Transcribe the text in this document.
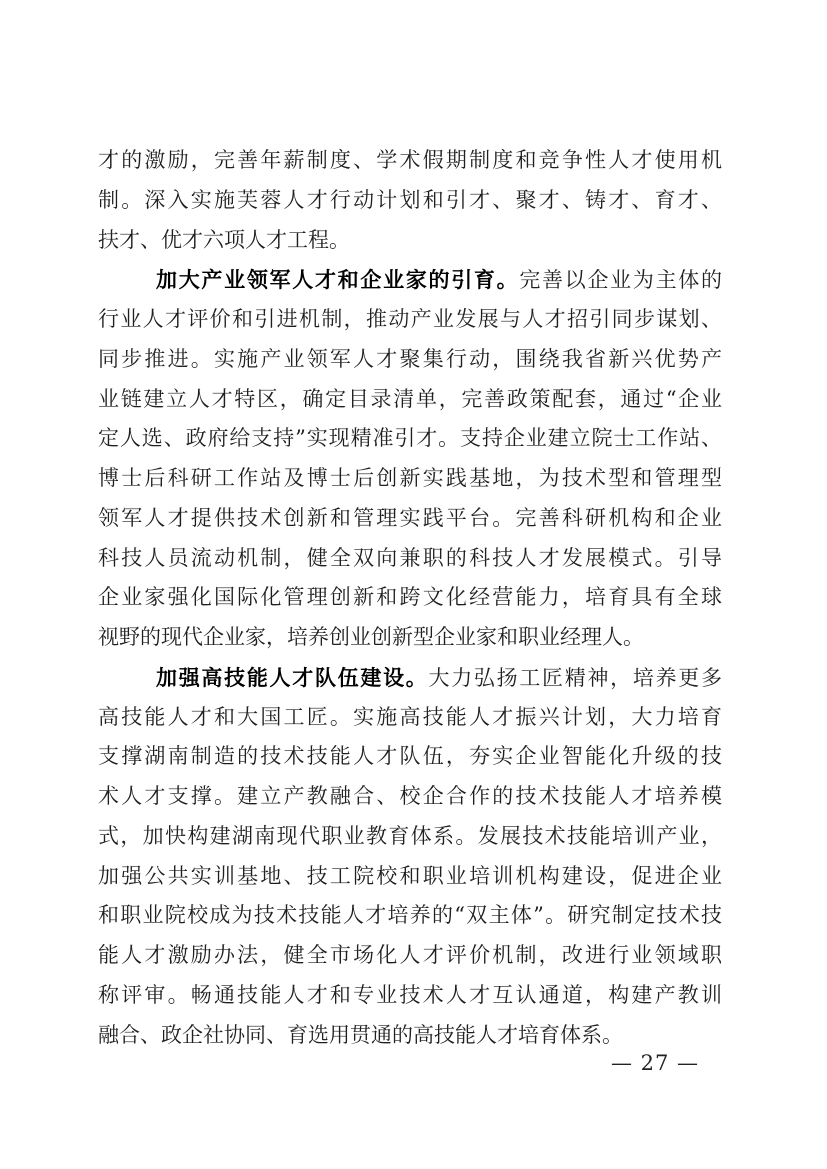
才的激励，完善年薪制度、学术假期制度和竞争性人才使用机
制。深入实施芙蓉人才行动计划和引才、聚才、铸才、育才、
扶才、优才六项人才工程。
加大产业领军人才和企业家的引育。完善以企业为主体的
行业人才评价和引进机制，推动产业发展与人才招引同步谋划、
同步推进。实施产业领军人才聚集行动，围绕我省新兴优势产
业链建立人才特区，确定目录清单，完善政策配套，通过“企业
定人选、政府给支持”实现精准引才。支持企业建立院士工作站、
博士后科研工作站及博士后创新实践基地，为技术型和管理型
领军人才提供技术创新和管理实践平台。完善科研机构和企业
科技人员流动机制，健全双向兼职的科技人才发展模式。引导
企业家强化国际化管理创新和跨文化经营能力，培育具有全球
视野的现代企业家，培养创业创新型企业家和职业经理人。
加强高技能人才队伍建设。大力弘扬工匠精神，培养更多
高技能人才和大国工匠。实施高技能人才振兴计划，大力培育
支撑湖南制造的技术技能人才队伍，夯实企业智能化升级的技
术人才支撑。建立产教融合、校企合作的技术技能人才培养模
式，加快构建湖南现代职业教育体系。发展技术技能培训产业，
加强公共实训基地、技工院校和职业培训机构建设，促进企业
和职业院校成为技术技能人才培养的“双主体”。研究制定技术技
能人才激励办法，健全市场化人才评价机制，改进行业领域职
称评审。畅通技能人才和专业技术人才互认通道，构建产教训
融合、政企社协同、育选用贯通的高技能人才培育体系。
— 27 —
